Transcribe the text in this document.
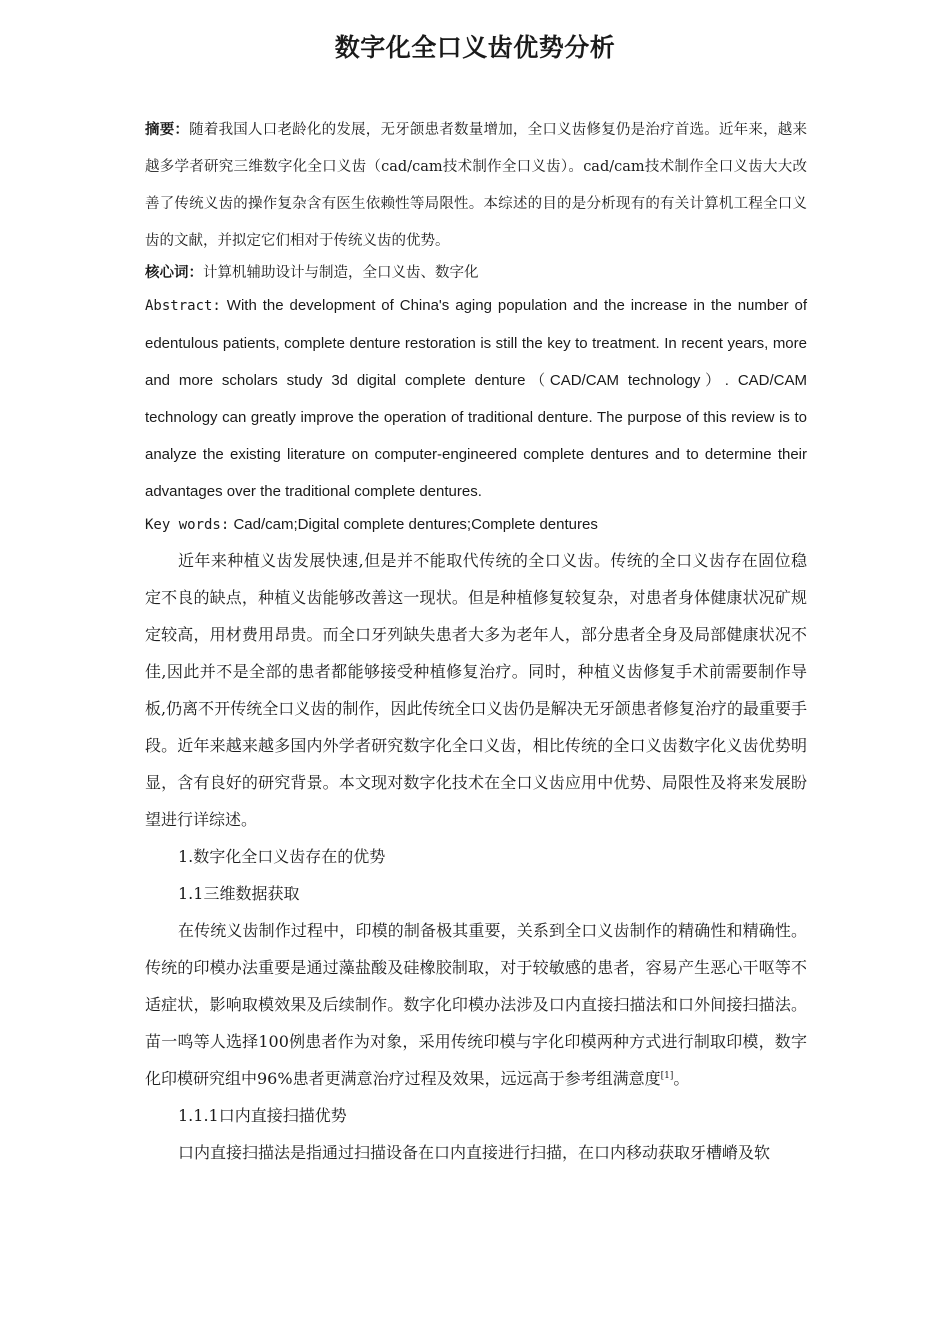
数字化全口义齿优势分析

摘要：随着我国人口老龄化的发展，无牙颌患者数量增加，全口义齿修复仍是治疗首选。近年来，越来越多学者研究三维数字化全口义齿（cad/cam技术制作全口义齿）。cad/cam技术制作全口义齿大大改善了传统义齿的操作复杂含有医生依赖性等局限性。本综述的目的是分析现有的有关计算机工程全口义齿的文献，并拟定它们相对于传统义齿的优势。

核心词：计算机辅助设计与制造，全口义齿、数字化

Abstract: With the development of China's aging population and the increase in the number of edentulous patients, complete denture restoration is still the key to treatment. In recent years, more and more scholars study 3d digital complete denture（CAD/CAM technology）. CAD/CAM technology can greatly improve the operation of traditional denture. The purpose of this review is to analyze the existing literature on computer-engineered complete dentures and to determine their advantages over the traditional complete dentures.

Key words: Cad/cam;Digital complete dentures;Complete dentures

近年来种植义齿发展快速,但是并不能取代传统的全口义齿。传统的全口义齿存在固位稳定不良的缺点，种植义齿能够改善这一现状。但是种植修复较复杂，对患者身体健康状况矿规定较高，用材费用昂贵。而全口牙列缺失患者大多为老年人，部分患者全身及局部健康状况不佳,因此并不是全部的患者都能够接受种植修复治疗。同时，种植义齿修复手术前需要制作导板,仍离不开传统全口义齿的制作，因此传统全口义齿仍是解决无牙颌患者修复治疗的最重要手段。近年来越来越多国内外学者研究数字化全口义齿，相比传统的全口义齿数字化义齿优势明显，含有良好的研究背景。本文现对数字化技术在全口义齿应用中优势、局限性及将来发展盼望进行详综述。

1.数字化全口义齿存在的优势

1.1三维数据获取

在传统义齿制作过程中，印模的制备极其重要，关系到全口义齿制作的精确性和精确性。传统的印模办法重要是通过藻盐酸及硅橡胶制取，对于较敏感的患者，容易产生恶心干呕等不适症状，影响取模效果及后续制作。数字化印模办法涉及口内直接扫描法和口外间接扫描法。苗一鸣等人选择100例患者作为对象，采用传统印模与字化印模两种方式进行制取印模，数字化印模研究组中96%患者更满意治疗过程及效果，远远高于参考组满意度[1]。

1.1.1口内直接扫描优势

口内直接扫描法是指通过扫描设备在口内直接进行扫描，在口内移动获取牙槽嵴及软
